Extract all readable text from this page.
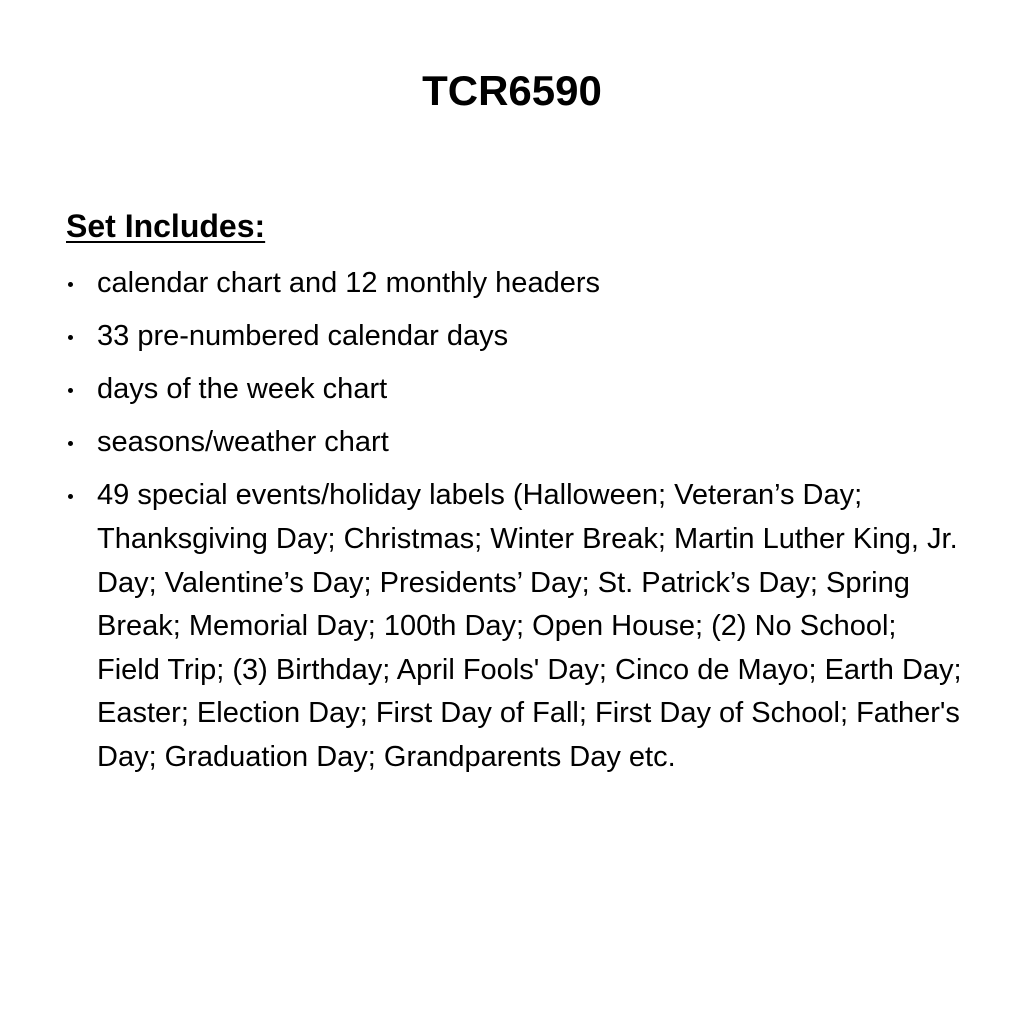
TCR6590
Set Includes:
calendar chart and 12 monthly headers
33 pre-numbered calendar days
days of the week chart
seasons/weather chart
49 special events/holiday labels (Halloween; Veteran’s Day; Thanksgiving Day; Christmas; Winter Break; Martin Luther King, Jr. Day; Valentine’s Day; Presidents’ Day; St. Patrick’s Day; Spring Break; Memorial Day; 100th Day; Open House; (2) No School; Field Trip; (3) Birthday; April Fools' Day; Cinco de Mayo; Earth Day; Easter; Election Day; First Day of Fall; First Day of School; Father's Day; Graduation Day; Grandparents Day etc.
